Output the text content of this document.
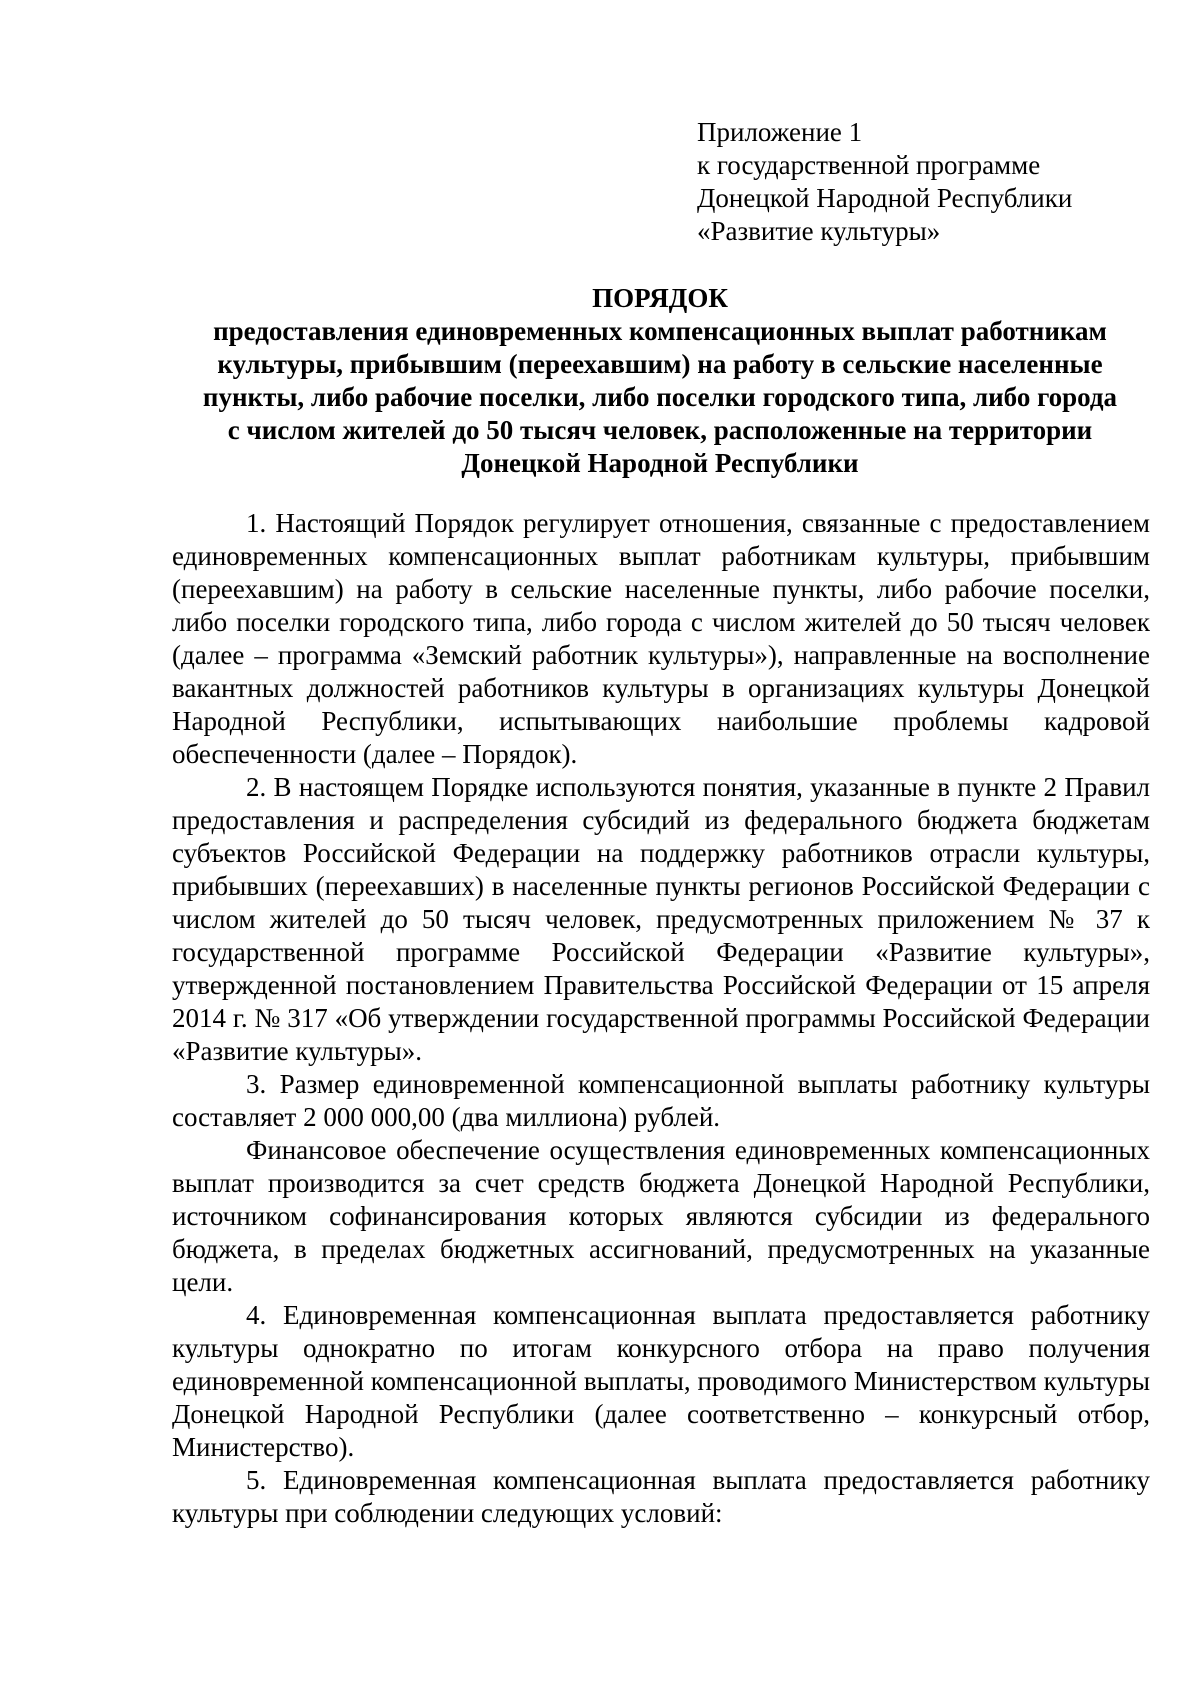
Приложение 1
к государственной программе
Донецкой Народной Республики
«Развитие культуры»
ПОРЯДОК
предоставления единовременных компенсационных выплат работникам
культуры, прибывшим (переехавшим) на работу в сельские населенные
пункты, либо рабочие поселки, либо поселки городского типа, либо города
с числом жителей до 50 тысяч человек, расположенные на территории
Донецкой Народной Республики

1. Настоящий Порядок регулирует отношения, связанные с предоставлением единовременных компенсационных выплат работникам культуры, прибывшим (переехавшим) на работу в сельские населенные пункты, либо рабочие поселки, либо поселки городского типа, либо города с числом жителей до 50 тысяч человек (далее – программа «Земский работник культуры»), направленные на восполнение вакантных должностей работников культуры в организациях культуры Донецкой Народной Республики, испытывающих наибольшие проблемы кадровой обеспеченности (далее – Порядок).

2. В настоящем Порядке используются понятия, указанные в пункте 2 Правил предоставления и распределения субсидий из федерального бюджета бюджетам субъектов Российской Федерации на поддержку работников отрасли культуры, прибывших (переехавших) в населенные пункты регионов Российской Федерации с числом жителей до 50 тысяч человек, предусмотренных приложением № 37 к государственной программе Российской Федерации «Развитие культуры», утвержденной постановлением Правительства Российской Федерации от 15 апреля 2014 г. № 317 «Об утверждении государственной программы Российской Федерации «Развитие культуры».

3. Размер единовременной компенсационной выплаты работнику культуры составляет 2 000 000,00 (два миллиона) рублей.

Финансовое обеспечение осуществления единовременных компенсационных выплат производится за счет средств бюджета Донецкой Народной Республики, источником софинансирования которых являются субсидии из федерального бюджета, в пределах бюджетных ассигнований, предусмотренных на указанные цели.

4. Единовременная компенсационная выплата предоставляется работнику культуры однократно по итогам конкурсного отбора на право получения единовременной компенсационной выплаты, проводимого Министерством культуры Донецкой Народной Республики (далее соответственно – конкурсный отбор, Министерство).

5. Единовременная компенсационная выплата предоставляется работнику культуры при соблюдении следующих условий:
